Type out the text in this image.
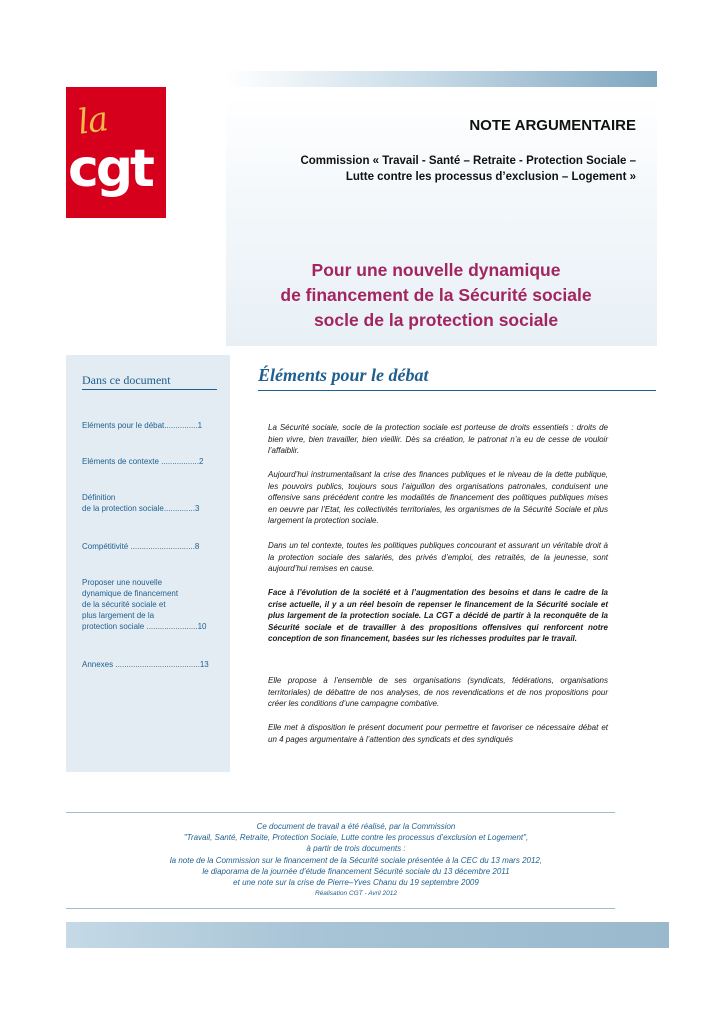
la
cgt
NOTE ARGUMENTAIRE
Commission « Travail - Santé – Retraite - Protection Sociale –
Lutte contre les processus d’exclusion – Logement »
Pour une nouvelle dynamique
de financement de la Sécurité sociale
socle de la protection sociale
Dans ce document
Eléments pour le débat...............1
Eléments de contexte .................2
Définition
de la protection sociale..............3
Compétitivité .............................8
Proposer une nouvelle
dynamique de financement
de la sécurité sociale et
plus largement de la
protection sociale .......................10
Annexes ......................................13
Éléments pour le débat
La Sécurité sociale, socle de la protection sociale est porteuse de droits essentiels : droits de bien vivre, bien travailler, bien vieillir. Dès sa création, le patronat n’a eu de cesse de vouloir l’affaiblir.
Aujourd’hui instrumentalisant la crise des finances publiques et le niveau de la dette publique, les pouvoirs publics, toujours sous l’aiguillon des organisations patronales, conduisent une offensive sans précédent contre les modalités de financement des politiques publiques mises en oeuvre par l’Etat, les collectivités territoriales, les organismes de la Sécurité Sociale et plus largement la protection sociale.
Dans un tel contexte, toutes les politiques publiques concourant et assurant un véritable droit à la protection sociale des salariés, des privés d’emploi, des retraités, de la jeunesse, sont aujourd’hui remises en cause.
Face à l’évolution de la société et à l’augmentation des besoins et dans le cadre de la crise actuelle, il y a un réel besoin de repenser le financement de la Sécurité sociale et plus largement de la protection sociale. La CGT a décidé de partir à la reconquête de la Sécurité sociale et de travailler à des propositions offensives qui renforcent notre conception de son financement, basées sur les richesses produites par le travail.
Elle propose à l’ensemble de ses organisations (syndicats, fédérations, organisations territoriales) de débattre de nos analyses, de nos revendications et de nos propositions pour créer les conditions d’une campagne combative.
Elle met à disposition le présent document pour permettre et favoriser ce nécessaire débat et un 4 pages argumentaire à l’attention des syndicats et des syndiqués
Ce document de travail a été réalisé, par la Commission
"Travail, Santé, Retraite, Protection Sociale, Lutte contre les processus d’exclusion et Logement",
à partir de trois documents :
la note de la Commission sur le financement de la Sécurité sociale présentée à la CEC du 13 mars 2012,
le diaporama de la journée d’étude financement Sécurité sociale du 13 décembre 2011
et une note sur la crise de Pierre–Yves Chanu du 19 septembre 2009
Réalisation CGT - Avril 2012
